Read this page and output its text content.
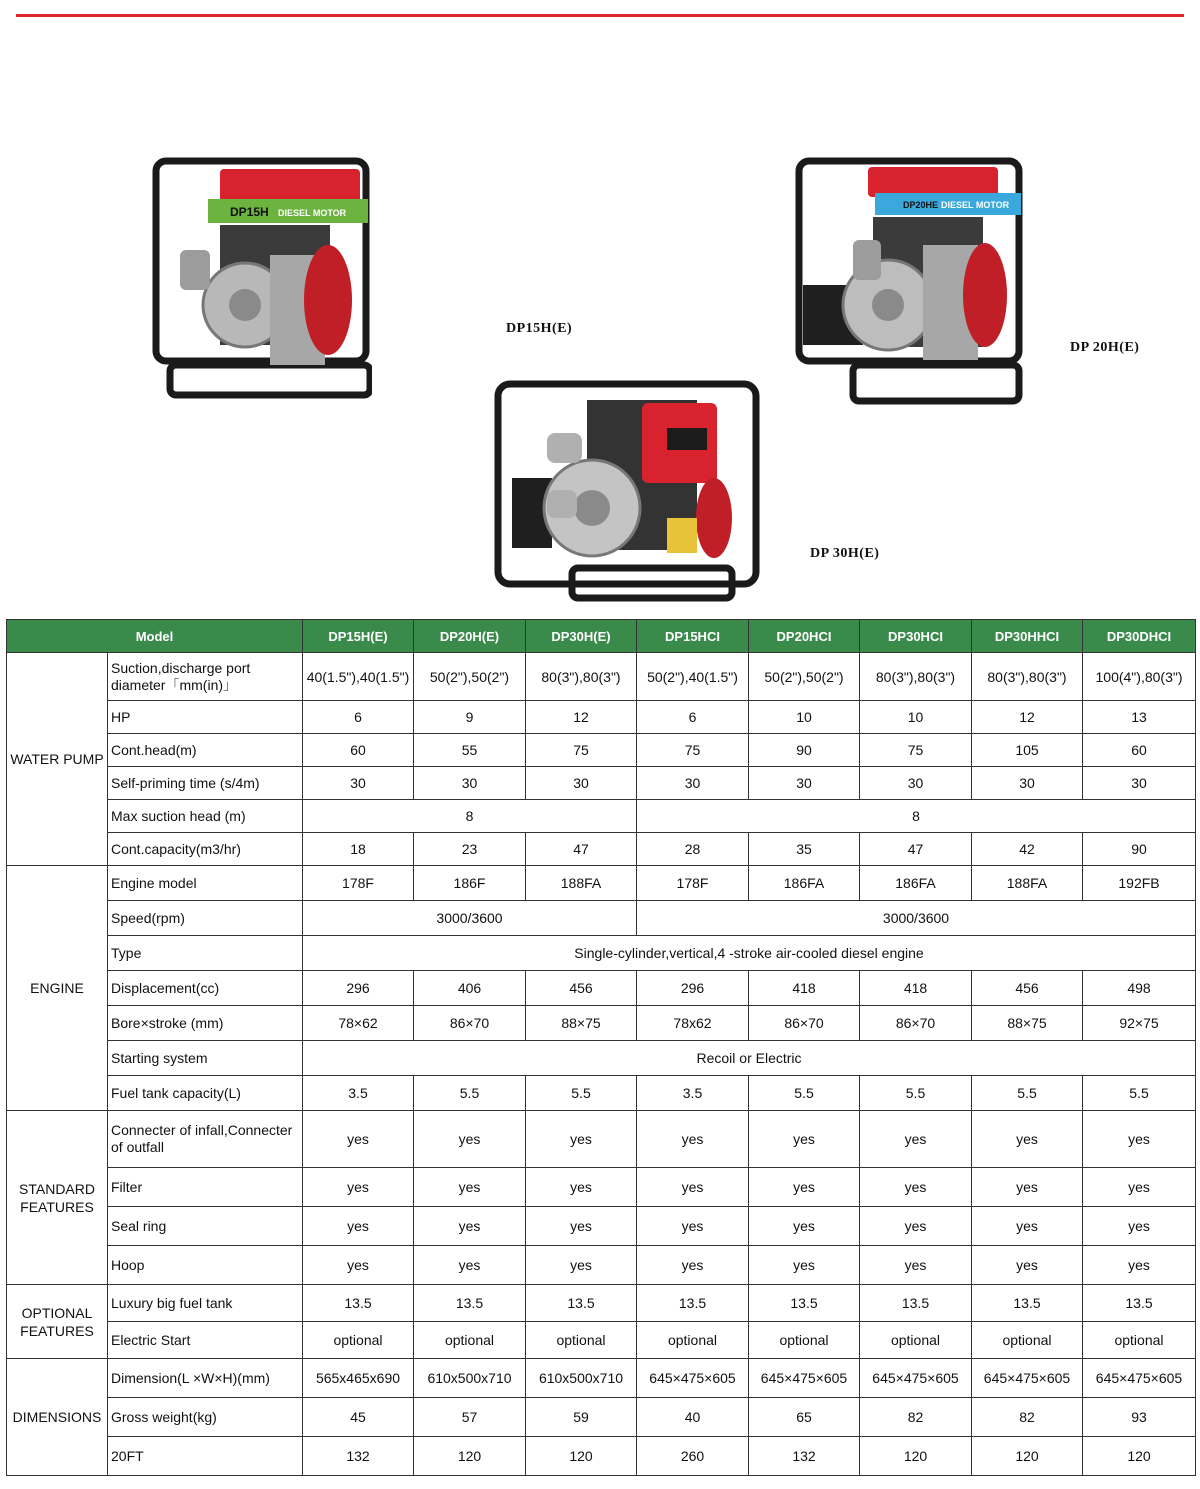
DP15H DIESEL MOTOR
DP15H(E)
DP20HE DIESEL MOTOR
DP 20H(E)
DP 30H(E)
Model		DP15H(E)	DP20H(E)	DP30H(E)	DP15HCI	DP20HCI	DP30HCI	DP30HHCI	DP30DHCI
WATER PUMP	Suction,discharge port diameter「mm(in)」	40(1.5"),40(1.5")	50(2"),50(2")	80(3"),80(3")	50(2"),40(1.5")	50(2"),50(2")	80(3"),80(3")	80(3"),80(3")	100(4"),80(3")
	HP	6	9	12	6	10	10	12	13
	Cont.head(m)	60	55	75	75	90	75	105	60
	Self-priming time (s/4m)	30	30	30	30	30	30	30	30
	Max suction head (m)	8			8				
	Cont.capacity(m3/hr)	18	23	47	28	35	47	42	90
ENGINE	Engine model	178F	186F	188FA	178F	186FA	186FA	188FA	192FB
	Speed(rpm)	3000/3600			3000/3600				
	Type	Single-cylinder,vertical,4 -stroke air-cooled diesel engine							
	Displacement(cc)	296	406	456	296	418	418	456	498
	Bore×stroke (mm)	78×62	86×70	88×75	78x62	86×70	86×70	88×75	92×75
	Starting system	Recoil or Electric							
	Fuel tank capacity(L)	3.5	5.5	5.5	3.5	5.5	5.5	5.5	5.5
STANDARD FEATURES	Connecter of infall,Connecter of outfall	yes	yes	yes	yes	yes	yes	yes	yes
	Filter	yes	yes	yes	yes	yes	yes	yes	yes
	Seal ring	yes	yes	yes	yes	yes	yes	yes	yes
	Hoop	yes	yes	yes	yes	yes	yes	yes	yes
OPTIONAL FEATURES	Luxury big fuel tank	13.5	13.5	13.5	13.5	13.5	13.5	13.5	13.5
	Electric Start	optional	optional	optional	optional	optional	optional	optional	optional
DIMENSIONS	Dimension(L ×W×H)(mm)	565x465x690	610x500x710	610x500x710	645×475×605	645×475×605	645×475×605	645×475×605	645×475×605
	Gross weight(kg)	45	57	59	40	65	82	82	93
	20FT	132	120	120	260	132	120	120	120
